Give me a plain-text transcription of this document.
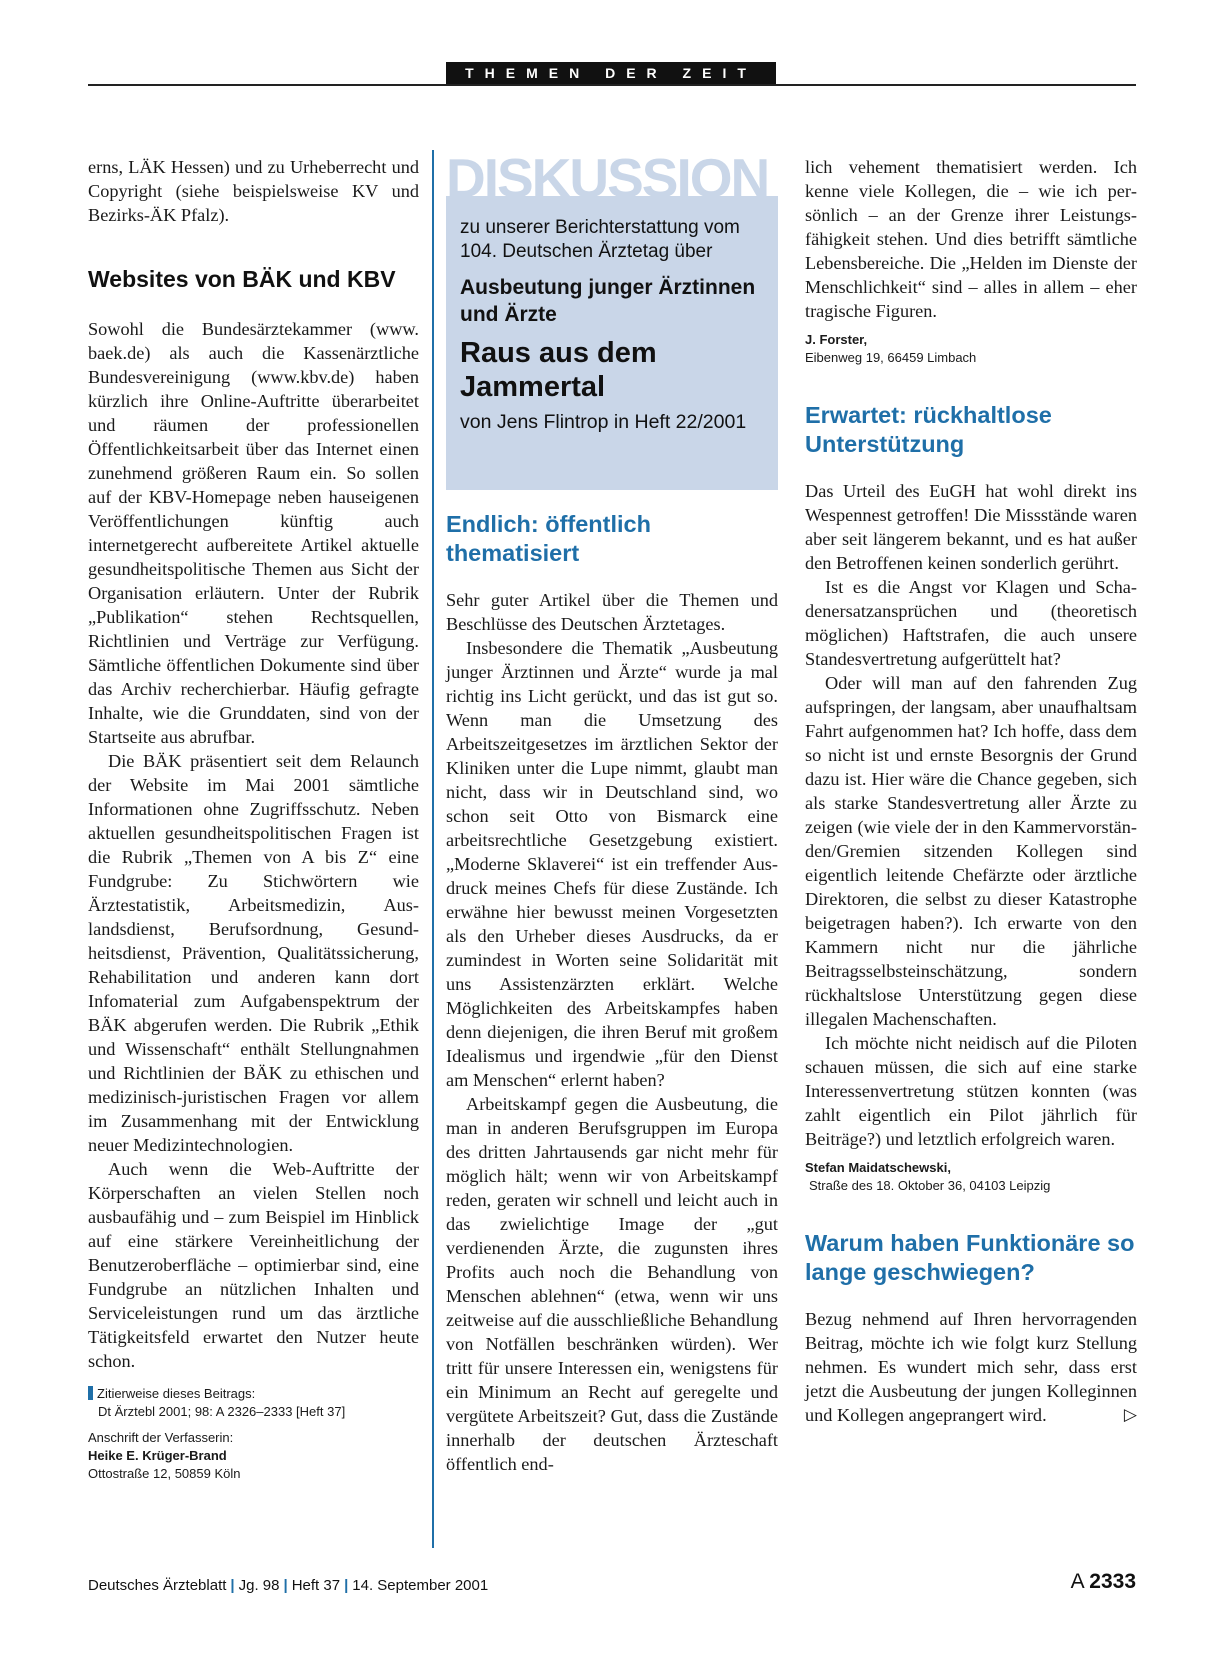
THEMEN DER ZEIT

erns, LÄK Hessen) und zu Urheberrecht und Copyright (siehe beispielsweise KV und Bezirks-ÄK Pfalz).

Websites von BÄK und KBV

Sowohl die Bundesärztekammer (www. baek.de) als auch die Kassenärztliche Bundesvereinigung (www.kbv.de) haben kürzlich ihre Online-Auftritte überarbeitet und räumen der professionellen Öffentlichkeitsarbeit über das Internet einen zunehmend größeren Raum ein. So sollen auf der KBV-Homepage neben hauseigenen Veröffentlichungen künftig auch internetgerecht aufbereitete Artikel aktuelle gesundheitspolitische Themen aus Sicht der Organisation erläutern. Unter der Rubrik „Publikation“ stehen Rechtsquellen, Richtlinien und Verträge zur Verfügung. Sämtliche öffentlichen Dokumente sind über das Archiv recherchierbar. Häufig gefragte Inhalte, wie die Grunddaten, sind von der Startseite aus abrufbar.

Die BÄK präsentiert seit dem Relaunch der Website im Mai 2001 sämtliche Informationen ohne Zugriffsschutz. Neben aktuellen gesundheitspolitischen Fragen ist die Rubrik „Themen von A bis Z“ eine Fundgrube: Zu Stichwörtern wie Ärztestatistik, Arbeitsmedizin, Auslandsdienst, Berufsordnung, Gesundheitsdienst, Prävention, Qualitätssicherung, Rehabilitation und anderen kann dort Infomaterial zum Aufgabenspektrum der BÄK abgerufen werden. Die Rubrik „Ethik und Wissenschaft“ enthält Stellungnahmen und Richtlinien der BÄK zu ethischen und medizinisch-juristischen Fragen vor allem im Zusammenhang mit der Entwicklung neuer Medizintechnologien.

Auch wenn die Web-Auftritte der Körperschaften an vielen Stellen noch ausbaufähig und – zum Beispiel im Hinblick auf eine stärkere Vereinheitlichung der Benutzeroberfläche – optimierbar sind, eine Fundgrube an nützlichen Inhalten und Serviceleistungen rund um das ärztliche Tätigkeitsfeld erwartet den Nutzer heute schon.

Zitierweise dieses Beitrags:

Dt Ärztebl 2001; 98: A 2326–2333 [Heft 37]

Anschrift der Verfasserin:

Heike E. Krüger-Brand

Ottostraße 12, 50859 Köln

zu unserer Berichterstattung vom 104. Deutschen Ärztetag über

Ausbeutung junger Ärztinnen und Ärzte

Raus aus dem Jammertal

von Jens Flintrop in Heft 22/2001

DISKUSSION
Endlich: öffentlich thematisiert

Sehr guter Artikel über die Themen und Beschlüsse des Deutschen Ärztetages.

Insbesondere die Thematik „Ausbeutung junger Ärztinnen und Ärzte“ wurde ja mal richtig ins Licht gerückt, und das ist gut so. Wenn man die Umsetzung des Arbeitszeitgesetzes im ärztlichen Sektor der Kliniken unter die Lupe nimmt, glaubt man nicht, dass wir in Deutschland sind, wo schon seit Otto von Bismarck eine arbeitsrechtliche Gesetzgebung existiert. „Moderne Sklaverei“ ist ein treffender Ausdruck meines Chefs für diese Zustände. Ich erwähne hier bewusst meinen Vorgesetzten als den Urheber dieses Ausdrucks, da er zumindest in Worten seine Solidarität mit uns Assistenzärzten erklärt. Welche Möglichkeiten des Arbeitskampfes haben denn diejenigen, die ihren Beruf mit großem Idealismus und irgendwie „für den Dienst am Menschen“ erlernt haben?

Arbeitskampf gegen die Ausbeutung, die man in anderen Berufsgruppen im Europa des dritten Jahrtausends gar nicht mehr für möglich hält; wenn wir von Arbeitskampf reden, geraten wir schnell und leicht auch in das zwielichtige Image der „gut verdienenden Ärzte, die zugunsten ihres Profits auch noch die Behandlung von Menschen ablehnen“ (etwa, wenn wir uns zeitweise auf die ausschließliche Behandlung von Notfällen beschränken würden). Wer tritt für unsere Interessen ein, wenigstens für ein Minimum an Recht auf geregelte und vergütete Arbeitszeit? Gut, dass die Zustände innerhalb der deutschen Ärzteschaft öffentlich end-

lich vehement thematisiert werden. Ich kenne viele Kollegen, die – wie ich persönlich – an der Grenze ihrer Leistungsfähigkeit stehen. Und dies betrifft sämtliche Lebensbereiche. Die „Helden im Dienste der Menschlichkeit“ sind – alles in allem – eher tragische Figuren.

J. Forster,

Eibenweg 19, 66459 Limbach

Erwartet: rückhaltlose Unterstützung

Das Urteil des EuGH hat wohl direkt ins Wespennest getroffen! Die Missstände waren aber seit längerem bekannt, und es hat außer den Betroffenen keinen sonderlich gerührt.

Ist es die Angst vor Klagen und Schadenersatzansprüchen und (theoretisch möglichen) Haftstrafen, die auch unsere Standesvertretung aufgerüttelt hat?

Oder will man auf den fahrenden Zug aufspringen, der langsam, aber unaufhaltsam Fahrt aufgenommen hat? Ich hoffe, dass dem so nicht ist und ernste Besorgnis der Grund dazu ist. Hier wäre die Chance gegeben, sich als starke Standesvertretung aller Ärzte zu zeigen (wie viele der in den Kammervorständen/Gremien sitzenden Kollegen sind eigentlich leitende Chefärzte oder ärztliche Direktoren, die selbst zu dieser Katastrophe beigetragen haben?). Ich erwarte von den Kammern nicht nur die jährliche Beitragsselbsteinschätzung, sondern rückhaltslose Unterstützung gegen diese illegalen Machenschaften.

Ich möchte nicht neidisch auf die Piloten schauen müssen, die sich auf eine starke Interessenvertretung stützen konnten (was zahlt eigentlich ein Pilot jährlich für Beiträge?) und letztlich erfolgreich waren.

Stefan Maidatschewski,

Straße des 18. Oktober 36, 04103 Leipzig

Warum haben Funktionäre so lange geschwiegen?

Bezug nehmend auf Ihren hervorragenden Beitrag, möchte ich wie folgt kurz Stellung nehmen. Es wundert mich sehr, dass erst jetzt die Ausbeutung der jungen Kolleginnen und Kollegen angeprangert wird.	▷

Deutsches Ärzteblatt | Jg. 98 | Heft 37 | 14. September 2001	A 2333
